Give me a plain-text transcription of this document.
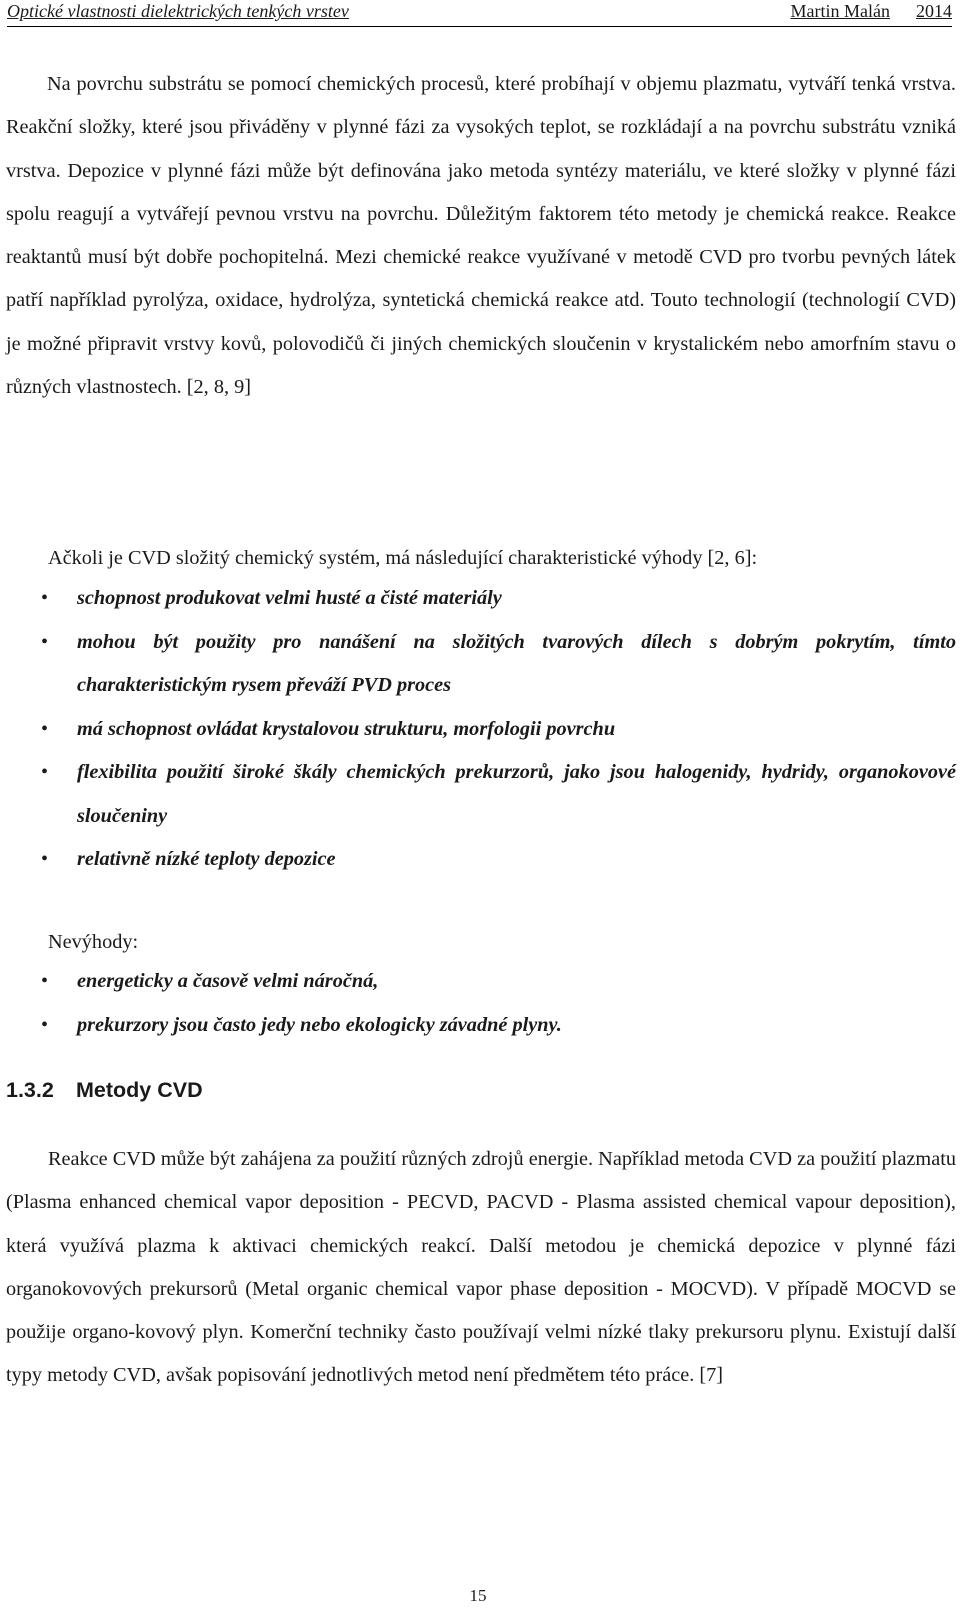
Optické vlastnosti dielektrických tenkých vrstev	Martin Malán 2014

Na povrchu substrátu se pomocí chemických procesů, které probíhají v objemu plazmatu, vytváří tenká vrstva. Reakční složky, které jsou přiváděny v plynné fázi za vysokých teplot, se rozkládají a na povrchu substrátu vzniká vrstva. Depozice v plynné fázi může být definována jako metoda syntézy materiálu, ve které složky v plynné fázi spolu reagují a vytvářejí pevnou vrstvu na povrchu. Důležitým faktorem této metody je chemická reakce. Reakce reaktantů musí být dobře pochopitelná. Mezi chemické reakce využívané v metodě CVD pro tvorbu pevných látek patří například pyrolýza, oxidace, hydrolýza, syntetická chemická reakce atd. Touto technologií (technologií CVD) je možné připravit vrstvy kovů, polovodičů či jiných chemických sloučenin v krystalickém nebo amorfním stavu o různých vlastnostech. [2, 8, 9]

Ačkoli je CVD složitý chemický systém, má následující charakteristické výhody [2, 6]:

• schopnost produkovat velmi husté a čisté materiály
• mohou být použity pro nanášení na složitých tvarových dílech s dobrým pokrytím, tímto charakteristickým rysem převáží PVD proces
• má schopnost ovládat krystalovou strukturu, morfologii povrchu
• flexibilita použití široké škály chemických prekurzorů, jako jsou halogenidy, hydridy, organokovové sloučeniny
• relativně nízké teploty depozice

Nevýhody:

• energeticky a časově velmi náročná,
• prekurzory jsou často jedy nebo ekologicky závadné plyny.
1.3.2 Metody CVD

Reakce CVD může být zahájena za použití různých zdrojů energie. Například metoda CVD za použití plazmatu (Plasma enhanced chemical vapor deposition - PECVD, PACVD - Plasma assisted chemical vapour deposition), která využívá plazma k aktivaci chemických reakcí. Další metodou je chemická depozice v plynné fázi organokovových prekursorů (Metal organic chemical vapor phase deposition - MOCVD). V případě MOCVD se použije organo-kovový plyn. Komerční techniky často používají velmi nízké tlaky prekursoru plynu. Existují další typy metody CVD, avšak popisování jednotlivých metod není předmětem této práce. [7]

15
